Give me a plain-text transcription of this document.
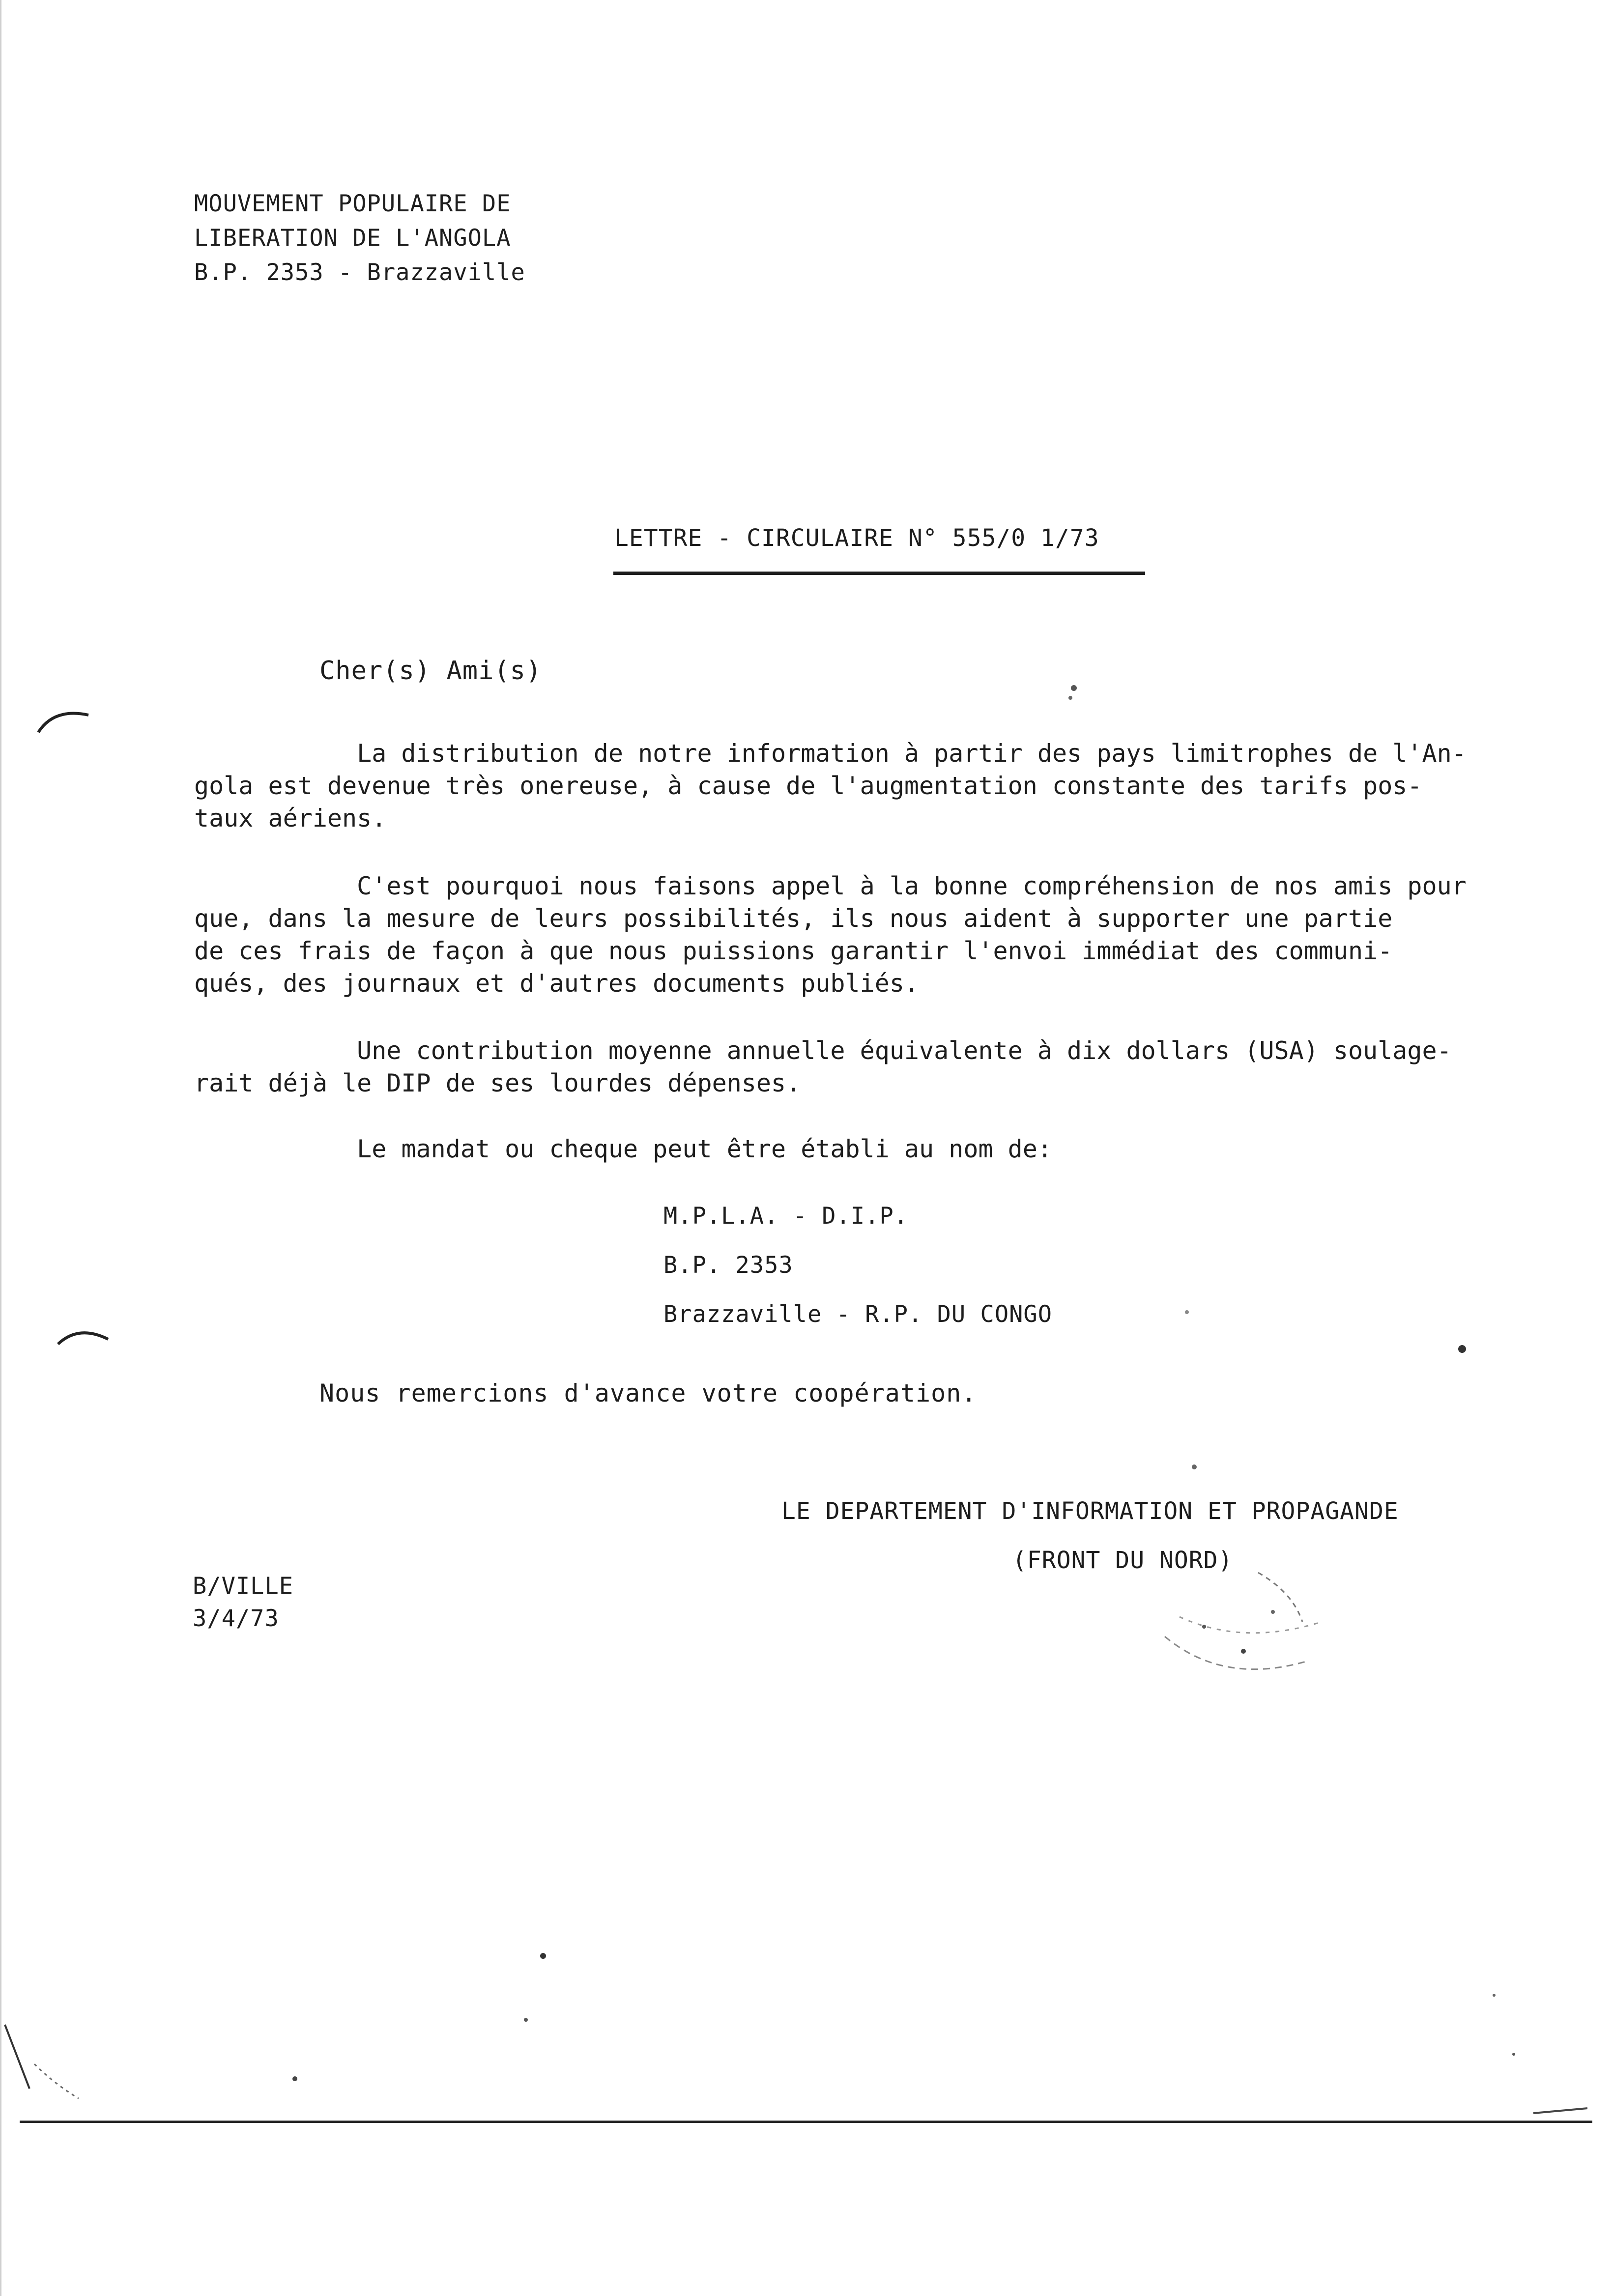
MOUVEMENT POPULAIRE DE
LIBERATION DE L'ANGOLA
B.P. 2353 - Brazzaville
LETTRE - CIRCULAIRE N° 555/0 1/73
Cher(s) Ami(s)
La distribution de notre information à partir des pays limitrophes de l'An-
gola est devenue très onereuse, à cause de l'augmentation constante des tarifs pos-
taux aériens.
C'est pourquoi nous faisons appel à la bonne compréhension de nos amis pour
que, dans la mesure de leurs possibilités, ils nous aident à supporter une partie
de ces frais de façon à que nous puissions garantir l'envoi immédiat des communi-
qués, des journaux et d'autres documents publiés.
Une contribution moyenne annuelle équivalente à dix dollars (USA) soulage-
rait déjà le DIP de ses lourdes dépenses.
Le mandat ou cheque peut être établi au nom de:
M.P.L.A. - D.I.P.
B.P. 2353
Brazzaville - R.P. DU CONGO
Nous remercions d'avance votre coopération.
LE DEPARTEMENT D'INFORMATION ET PROPAGANDE
(FRONT DU NORD)
B/VILLE
3/4/73
